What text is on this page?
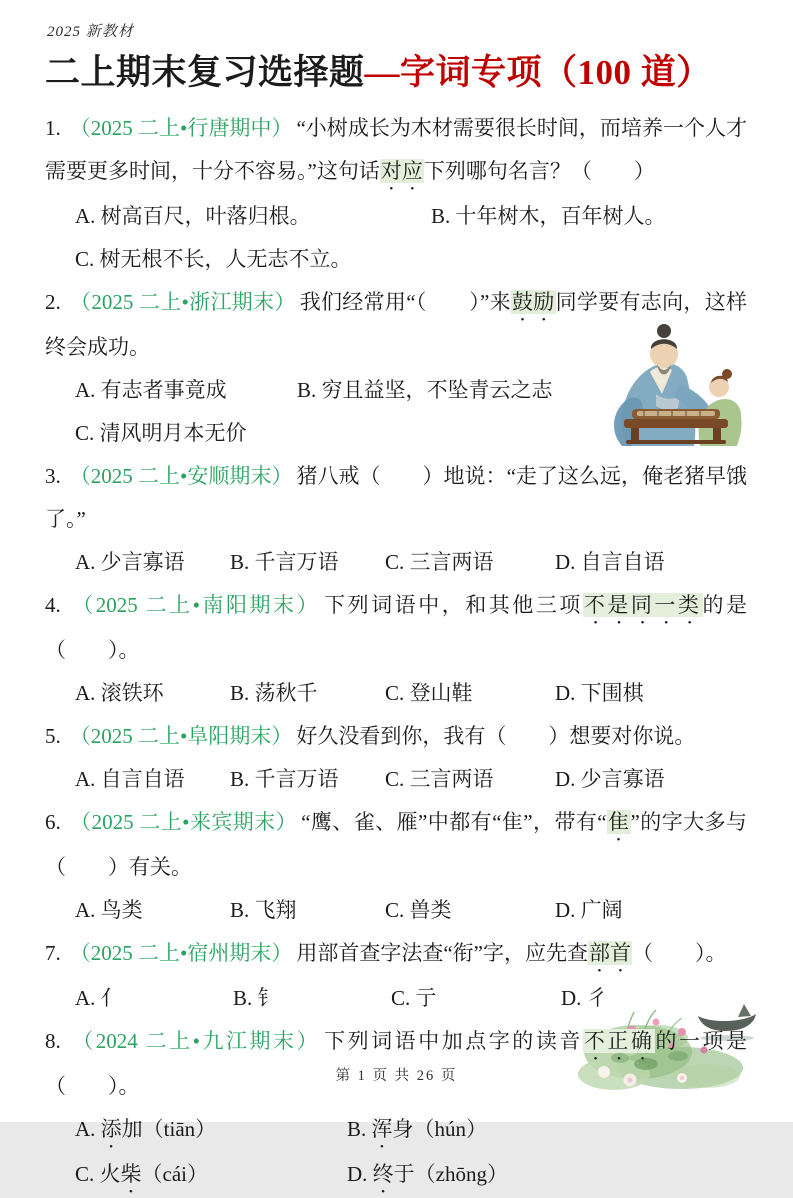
2025 新教材
二上期末复习选择题—字词专项（100 道）

1. （2025 二上•行唐期中） “小树成长为木材需要很长时间，而培养一个人才需要更多时间，十分不容易。”这句话对应下列哪句名言？（　　）

A. 树高百尺，叶落归根。	B. 十年树木，百年树人。
C. 树无根不长，人无志不立。

2. （2025 二上•浙江期末） 我们经常用“（　　）”来鼓励同学要有志向，这样终会成功。

A. 有志者事竟成	B. 穷且益坚，不坠青云之志
C. 清风明月本无价

3. （2025 二上•安顺期末） 猪八戒（　　）地说：“走了这么远，俺老猪早饿了。”

A. 少言寡语	B. 千言万语	C. 三言两语	D. 自言自语

4. （2025 二上•南阳期末） 下列词语中，和其他三项不是同一类的是（　　）。

A. 滚铁环	B. 荡秋千	C. 登山鞋	D. 下围棋

5. （2025 二上•阜阳期末） 好久没看到你，我有（　　）想要对你说。

A. 自言自语	B. 千言万语	C. 三言两语	D. 少言寡语

6. （2025 二上•来宾期末） “鹰、雀、雁”中都有“隹”，带有“隹”的字大多与（　　）有关。

A. 鸟类	B. 飞翔	C. 兽类	D. 广阔

7. （2025 二上•宿州期末） 用部首查字法查“衔”字，应先查部首（　　）。

A. 亻	B. 钅	C. 亍	D. 彳

8. （2024 二上•九江期末） 下列词语中加点字的读音不正确的一项是（　　）。

A. 添加（tiān）	B. 浑身（hún）
C. 火柴（cái）	D. 终于（zhōng）
第 1 页 共 26 页
